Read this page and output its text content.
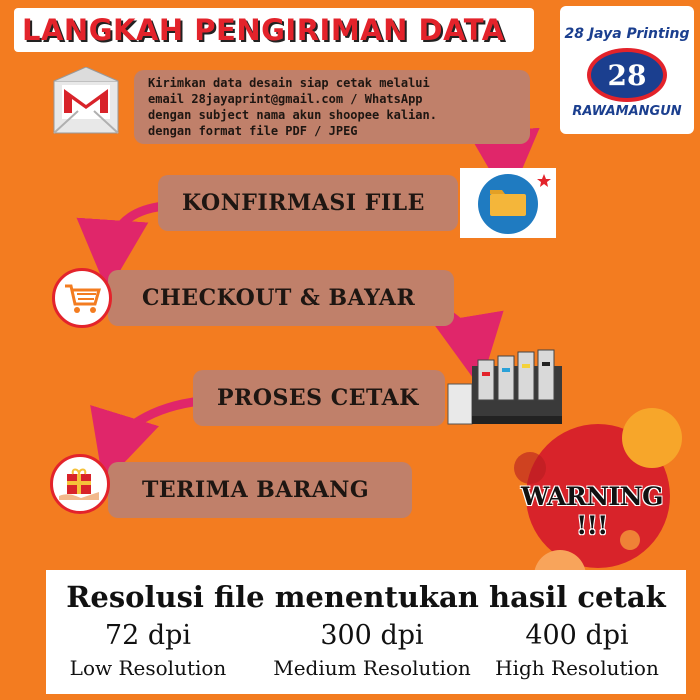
LANGKAH PENGIRIMAN DATA	28 Jaya Printing
28
RAWAMANGUN

Kirimkan data desain siap cetak melalui

email 28jayaprint@gmail.com / WhatsApp

dengan subject nama akun shoopee kalian.

dengan format file PDF / JPEG

KONFIRMASI FILE
CHECKOUT & BAYAR
PROSES CETAK
TERIMA BARANG	WARNING !!!
Resolusi file menentukan hasil cetak
72 dpi
Low Resolution
300 dpi
Medium Resolution
400 dpi
High Resolution
